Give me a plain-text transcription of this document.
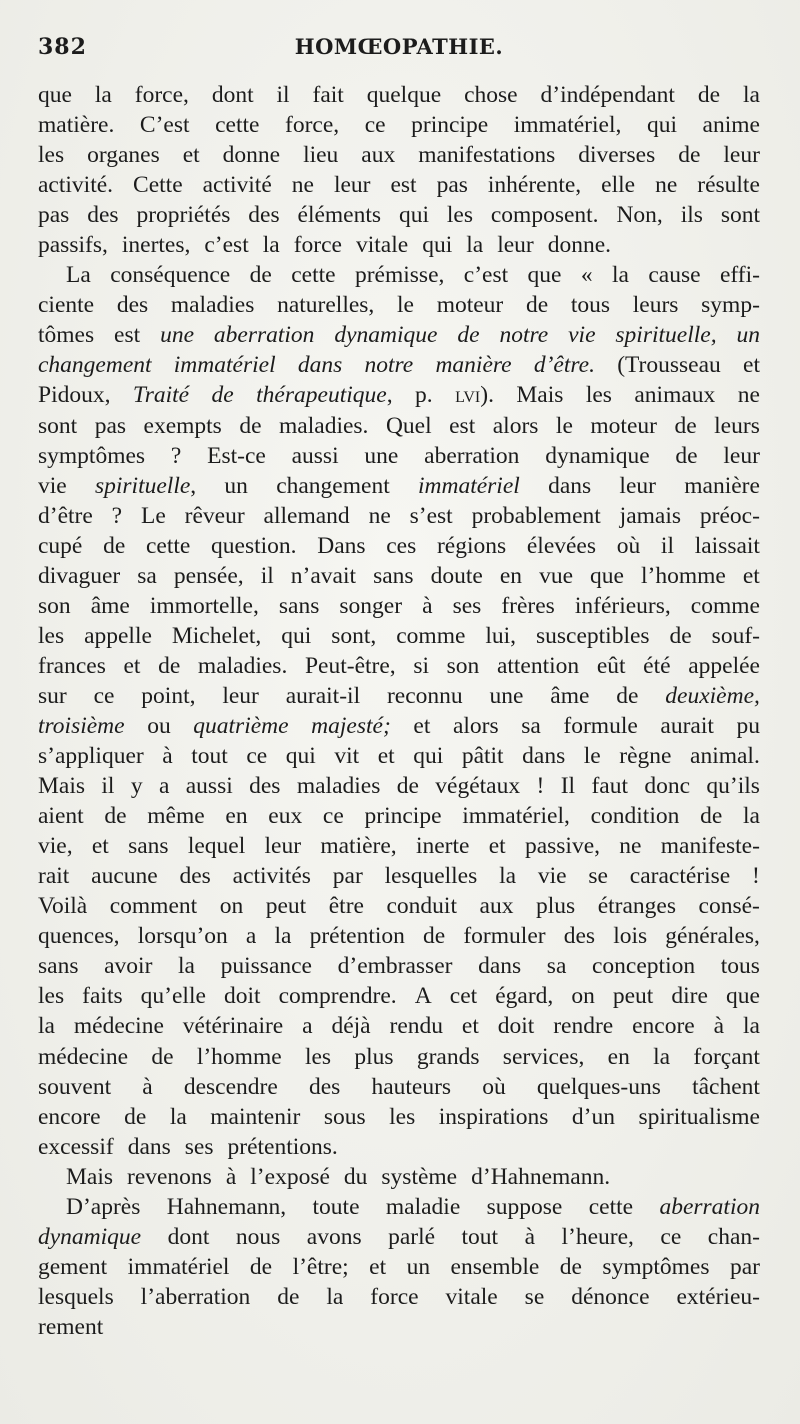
382	HOMŒOPATHIE.
que la force, dont il fait quelque chose d’indépendant de la
matière. C’est cette force, ce principe immatériel, qui anime
les organes et donne lieu aux manifestations diverses de leur
activité. Cette activité ne leur est pas inhérente, elle ne résulte
pas des propriétés des éléments qui les composent. Non, ils sont
passifs, inertes, c’est la force vitale qui la leur donne.
La conséquence de cette prémisse, c’est que « la cause effi-
ciente des maladies naturelles, le moteur de tous leurs symp-
tômes est une aberration dynamique de notre vie spirituelle, un
changement immatériel dans notre manière d’être. (Trousseau et
Pidoux, Traité de thérapeutique, p. lvi). Mais les animaux ne
sont pas exempts de maladies. Quel est alors le moteur de leurs
symptômes ? Est-ce aussi une aberration dynamique de leur
vie spirituelle, un changement immatériel dans leur manière
d’être ? Le rêveur allemand ne s’est probablement jamais préoc-
cupé de cette question. Dans ces régions élevées où il laissait
divaguer sa pensée, il n’avait sans doute en vue que l’homme et
son âme immortelle, sans songer à ses frères inférieurs, comme
les appelle Michelet, qui sont, comme lui, susceptibles de souf-
frances et de maladies. Peut-être, si son attention eût été appelée
sur ce point, leur aurait-il reconnu une âme de deuxième,
troisième ou quatrième majesté; et alors sa formule aurait pu
s’appliquer à tout ce qui vit et qui pâtit dans le règne animal.
Mais il y a aussi des maladies de végétaux ! Il faut donc qu’ils
aient de même en eux ce principe immatériel, condition de la
vie, et sans lequel leur matière, inerte et passive, ne manifeste-
rait aucune des activités par lesquelles la vie se caractérise !
Voilà comment on peut être conduit aux plus étranges consé-
quences, lorsqu’on a la prétention de formuler des lois générales,
sans avoir la puissance d’embrasser dans sa conception tous
les faits qu’elle doit comprendre. A cet égard, on peut dire que
la médecine vétérinaire a déjà rendu et doit rendre encore à la
médecine de l’homme les plus grands services, en la forçant
souvent à descendre des hauteurs où quelques-uns tâchent
encore de la maintenir sous les inspirations d’un spiritualisme
excessif dans ses prétentions.
Mais revenons à l’exposé du système d’Hahnemann.
D’après Hahnemann, toute maladie suppose cette aberration
dynamique dont nous avons parlé tout à l’heure, ce chan-
gement immatériel de l’être; et un ensemble de symptômes par
lesquels l’aberration de la force vitale se dénonce extérieu-
rement
